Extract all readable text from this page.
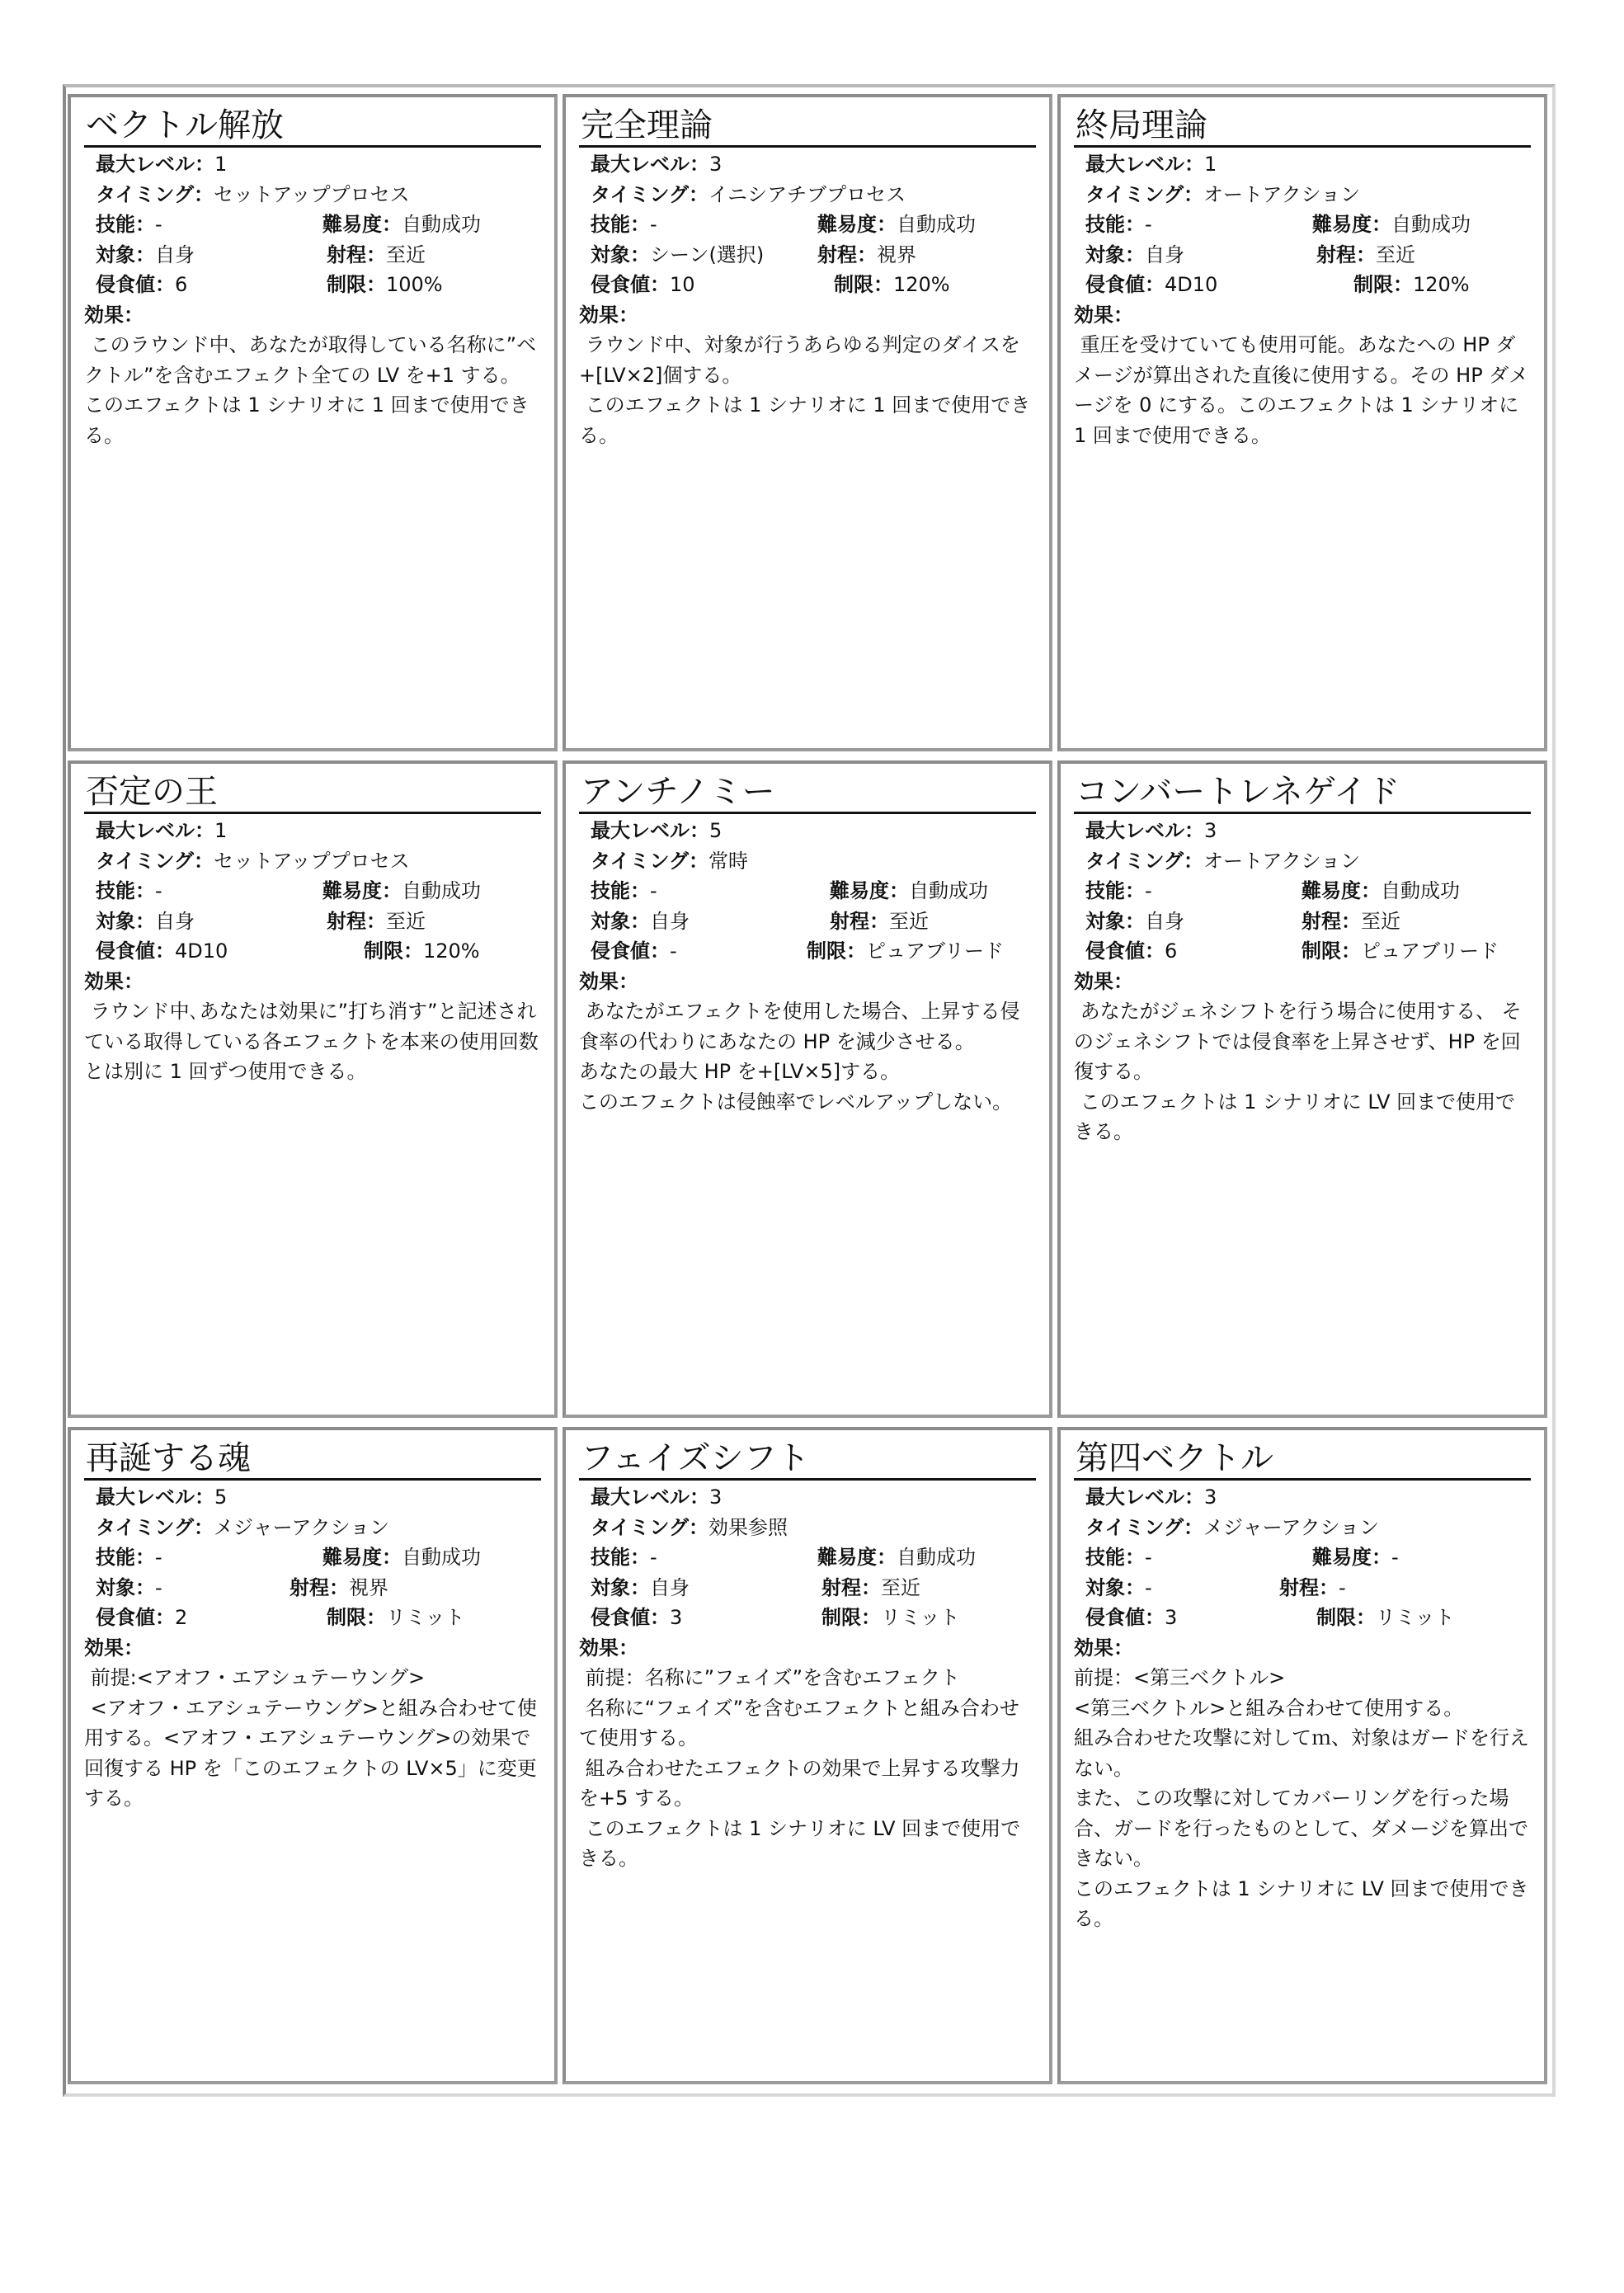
ベクトル解放
最大レベル：1
タイミング：セットアッププロセス
技能：-	難易度：自動成功
対象：自身	射程：至近
侵食値：6	制限：100%
効果：

このラウンド中、あなたが取得している名称に”ベクトル”を含むエフェクト全ての LV を+1 する。
このエフェクトは 1 シナリオに 1 回まで使用できる。

完全理論
最大レベル：3
タイミング：イニシアチブプロセス
技能：-	難易度：自動成功
対象：シーン(選択)	射程：視界
侵食値：10	制限：120%
効果：

ラウンド中、対象が行うあらゆる判定のダイスを+[LV×2]個する。
このエフェクトは 1 シナリオに 1 回まで使用できる。

終局理論
最大レベル：1
タイミング：オートアクション
技能：-	難易度：自動成功
対象：自身	射程：至近
侵食値：4D10	制限：120%
効果：

重圧を受けていても使用可能。あなたへの HP ダメージが算出された直後に使用する。その HP ダメージを 0 にする。このエフェクトは 1 シナリオに 1 回まで使用できる。

否定の王
最大レベル：1
タイミング：セットアッププロセス
技能：-	難易度：自動成功
対象：自身	射程：至近
侵食値：4D10	制限：120%
効果：

ラウンド中､あなたは効果に”打ち消す”と記述されている取得している各エフェクトを本来の使用回数とは別に 1 回ずつ使用できる。

アンチノミー
最大レベル：5
タイミング：常時
技能：-	難易度：自動成功
対象：自身	射程：至近
侵食値：-	制限：ピュアブリード
効果：

あなたがエフェクトを使用した場合、上昇する侵食率の代わりにあなたの HP を減少させる。
あなたの最大 HP を+[LV×5]する。
このエフェクトは侵蝕率でレベルアップしない。

コンバートレネゲイド
最大レベル：3
タイミング：オートアクション
技能：-	難易度：自動成功
対象：自身	射程：至近
侵食値：6	制限：ピュアブリード
効果：

あなたがジェネシフトを行う場合に使用する、 そのジェネシフトでは侵食率を上昇させず、HP を回復する。
このエフェクトは 1 シナリオに LV 回まで使用できる。

再誕する魂
最大レベル：5
タイミング：メジャーアクション
技能：-	難易度：自動成功
対象：-	射程：視界
侵食値：2	制限：リミット
効果：

前提:<アオフ・エアシュテーウング>
<アオフ・エアシュテーウング>と組み合わせて使用する。<アオフ・エアシュテーウング>の効果で回復する HP を「このエフェクトの LV×5」に変更する。

フェイズシフト
最大レベル：3
タイミング：効果参照
技能：-	難易度：自動成功
対象：自身	射程：至近
侵食値：3	制限：リミット
効果：

前提：名称に”フェイズ”を含むエフェクト
名称に“フェイズ”を含むエフェクトと組み合わせて使用する。
組み合わせたエフェクトの効果で上昇する攻撃力を+5 する。
このエフェクトは 1 シナリオに LV 回まで使用できる。

第四ベクトル
最大レベル：3
タイミング：メジャーアクション
技能：-	難易度：-
対象：-	射程：-
侵食値：3	制限：リミット
効果：

前提：<第三ベクトル>
<第三ベクトル>と組み合わせて使用する。
組み合わせた攻撃に対してｍ、対象はガードを行えない。
また、この攻撃に対してカバーリングを行った場合、ガードを行ったものとして、ダメージを算出できない。
このエフェクトは 1 シナリオに LV 回まで使用できる。
